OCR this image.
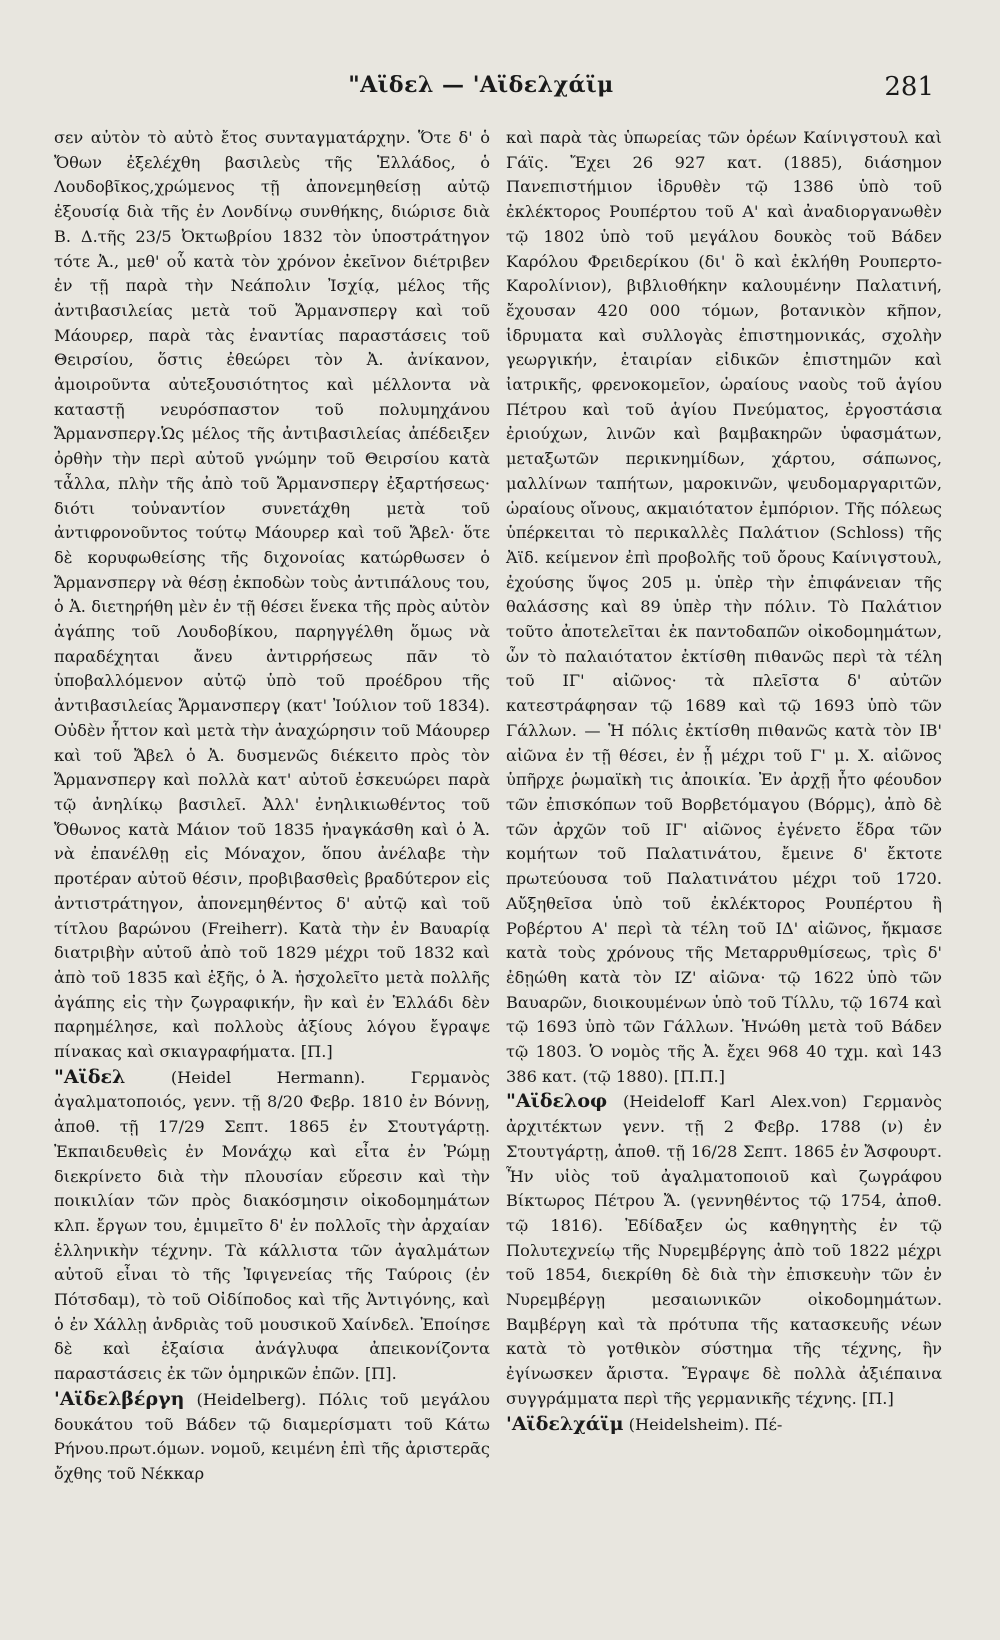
"Αϊδελ — 'Αϊδελχάϊμ	281

σεν αὐτὸν τὸ αὐτὸ ἔτος συνταγματάρχην. Ὅτε δ' ὁ Ὄθων ἐξελέχθη βασιλεὺς τῆς Ἑλλάδος, ὁ Λουδοβῖκος,χρώμενος τῇ ἀπονεμηθείσῃ αὐτῷ ἐξουσίᾳ διὰ τῆς ἐν Λονδίνῳ συνθήκης, διώρισε διὰ Β. Δ.τῆς 23/5 Ὀκτωβρίου 1832 τὸν ὑποστράτηγον τότε Ἀ., μεθ' οὗ κατὰ τὸν χρόνον ἐκεῖνον διέτριβεν ἐν τῇ παρὰ τὴν Νεάπολιν Ἰσχίᾳ, μέλος τῆς ἀντιβασιλείας μετὰ τοῦ Ἄρμανσπεργ καὶ τοῦ Μάουρερ, παρὰ τὰς ἐναντίας παραστάσεις τοῦ Θειρσίου, ὅστις ἐθεώρει τὸν Ἀ. ἀνίκανον, ἀμοιροῦντα αὐτεξουσιότητος καὶ μέλλοντα νὰ καταστῇ νευρόσπαστον τοῦ πολυμηχάνου Ἄρμανσπεργ.Ὡς μέλος τῆς ἀντιβασιλείας ἀπέδειξεν ὀρθὴν τὴν περὶ αὐτοῦ γνώμην τοῦ Θειρσίου κατὰ τἆλλα, πλὴν τῆς ἀπὸ τοῦ Ἄρμανσπεργ ἐξαρτήσεως· διότι τοὐναντίον συνετάχθη μετὰ τοῦ ἀντιφρονοῦντος τούτῳ Μάουρερ καὶ τοῦ Ἄβελ· ὅτε δὲ κορυφωθείσης τῆς διχονοίας κατώρθωσεν ὁ Ἄρμανσπεργ νὰ θέσῃ ἐκποδὼν τοὺς ἀντιπάλους του, ὁ Ἀ. διετηρήθη μὲν ἐν τῇ θέσει ἕνεκα τῆς πρὸς αὐτὸν ἀγάπης τοῦ Λουδοβίκου, παρηγγέλθη ὅμως νὰ παραδέχηται ἄνευ ἀντιρρήσεως πᾶν τὸ ὑποβαλλόμενον αὐτῷ ὑπὸ τοῦ προέδρου τῆς ἀντιβασιλείας Ἄρμανσπεργ (κατ' Ἰούλιον τοῦ 1834). Οὐδὲν ἧττον καὶ μετὰ τὴν ἀναχώρησιν τοῦ Μάουρερ καὶ τοῦ Ἄβελ ὁ Ἀ. δυσμενῶς διέκειτο πρὸς τὸν Ἄρμανσπεργ καὶ πολλὰ κατ' αὐτοῦ ἐσκευώρει παρὰ τῷ ἀνηλίκῳ βασιλεῖ. Ἀλλ' ἐνηλικιωθέντος τοῦ Ὄθωνος κατὰ Μάιον τοῦ 1835 ἠναγκάσθη καὶ ὁ Ἀ. νὰ ἐπανέλθῃ εἰς Μόναχον, ὅπου ἀνέλαβε τὴν προτέραν αὐτοῦ θέσιν, προβιβασθεὶς βραδύτερον εἰς ἀντιστράτηγον, ἀπονεμηθέντος δ' αὐτῷ καὶ τοῦ τίτλου βαρώνου (Freiherr). Κατὰ τὴν ἐν Βαυαρίᾳ διατριβὴν αὐτοῦ ἀπὸ τοῦ 1829 μέχρι τοῦ 1832 καὶ ἀπὸ τοῦ 1835 καὶ ἑξῆς, ὁ Ἀ. ἠσχολεῖτο μετὰ πολλῆς ἀγάπης εἰς τὴν ζωγραφικήν, ἣν καὶ ἐν Ἑλλάδι δὲν παρημέλησε, καὶ πολλοὺς ἀξίους λόγου ἔγραψε πίνακας καὶ σκιαγραφήματα. [Π.]

"Αϊδελ (Heidel Hermann). Γερμανὸς ἀγαλματοποιός, γενν. τῇ 8/20 Φεβρ. 1810 ἐν Βόννῃ, ἀποθ. τῇ 17/29 Σεπτ. 1865 ἐν Στουτγάρτῃ. Ἐκπαιδευθεὶς ἐν Μονάχῳ καὶ εἶτα ἐν Ῥώμῃ διεκρίνετο διὰ τὴν πλουσίαν εὕρεσιν καὶ τὴν ποικιλίαν τῶν πρὸς διακόσμησιν οἰκοδομημάτων κλπ. ἔργων του, ἐμιμεῖτο δ' ἐν πολλοῖς τὴν ἀρχαίαν ἑλληνικὴν τέχνην. Τὰ κάλλιστα τῶν ἀγαλμάτων αὐτοῦ εἶναι τὸ τῆς Ἰφιγενείας τῆς Ταύροις (ἐν Πότσδαμ), τὸ τοῦ Οἰδίποδος καὶ τῆς Ἀντιγόνης, καὶ ὁ ἐν Χάλλῃ ἀνδριὰς τοῦ μουσικοῦ Χαίνδελ. Ἐποίησε δὲ καὶ ἐξαίσια ἀνάγλυφα ἀπεικονίζοντα παραστάσεις ἐκ τῶν ὁμηρικῶν ἐπῶν. [Π].

'Αϊδελβέργη (Heidelberg). Πόλις τοῦ μεγάλου δουκάτου τοῦ Βάδεν τῷ διαμερίσματι τοῦ Κάτω Ρήνου.πρωτ.όμων. νομοῦ, κειμένη ἐπὶ τῆς ἀριστερᾶς ὄχθης τοῦ Νέκκαρ

καὶ παρὰ τὰς ὑπωρείας τῶν ὀρέων Καίνιγστουλ καὶ Γάϊς. Ἔχει 26 927 κατ. (1885), διάσημον Πανεπιστήμιον ἱδρυθὲν τῷ 1386 ὑπὸ τοῦ ἐκλέκτορος Ρουπέρτου τοῦ Α' καὶ ἀναδιοργανωθὲν τῷ 1802 ὑπὸ τοῦ μεγάλου δουκὸς τοῦ Βάδεν Καρόλου Φρειδερίκου (δι' ὃ καὶ ἐκλήθη Ρουπερτο-Καρολίνιον), βιβλιοθήκην καλουμένην Παλατινή, ἔχουσαν 420 000 τόμων, βοτανικὸν κῆπον, ἱδρυματα καὶ συλλογὰς ἐπιστημονικάς, σχολὴν γεωργικήν, ἑταιρίαν εἰδικῶν ἐπιστημῶν καὶ ἰατρικῆς, φρενοκομεῖον, ὡραίους ναοὺς τοῦ ἁγίου Πέτρου καὶ τοῦ ἁγίου Πνεύματος, ἐργοστάσια ἐριούχων, λινῶν καὶ βαμβακηρῶν ὑφασμάτων, μεταξωτῶν περικνημίδων, χάρτου, σάπωνος, μαλλίνων ταπήτων, μαροκινῶν, ψευδομαργαριτῶν, ὡραίους οἴνους, ακμαιότατον ἐμπόριον. Τῆς πόλεως ὑπέρκειται τὸ περικαλλὲς Παλάτιον (Schloss) τῆς Ἀϊδ. κείμενον ἐπὶ προβολῆς τοῦ ὄρους Καίνιγστουλ, ἐχούσης ὕψος 205 μ. ὑπὲρ τὴν ἐπιφάνειαν τῆς θαλάσσης καὶ 89 ὑπὲρ τὴν πόλιν. Τὸ Παλάτιον τοῦτο ἀποτελεῖται ἐκ παντοδαπῶν οἰκοδομημάτων, ὧν τὸ παλαιότατον ἐκτίσθη πιθανῶς περὶ τὰ τέλη τοῦ ΙΓ' αἰῶνος· τὰ πλεῖστα δ' αὐτῶν κατεστράφησαν τῷ 1689 καὶ τῷ 1693 ὑπὸ τῶν Γάλλων. — Ἡ πόλις ἐκτίσθη πιθανῶς κατὰ τὸν ΙΒ' αἰῶνα ἐν τῇ θέσει, ἐν ᾗ μέχρι τοῦ Γ' μ. Χ. αἰῶνος ὑπῆρχε ῥωμαϊκὴ τις ἀποικία. Ἐν ἀρχῇ ἦτο φέουδον τῶν ἐπισκόπων τοῦ Βορβετόμαγου (Βόρμς), ἀπὸ δὲ τῶν ἀρχῶν τοῦ ΙΓ' αἰῶνος ἐγένετο ἕδρα τῶν κομήτων τοῦ Παλατινάτου, ἔμεινε δ' ἔκτοτε πρωτεύουσα τοῦ Παλατινάτου μέχρι τοῦ 1720. Αὔξηθεῖσα ὑπὸ τοῦ ἐκλέκτορος Ρουπέρτου ἢ Ροβέρτου Α' περὶ τὰ τέλη τοῦ ΙΔ' αἰῶνος, ἤκμασε κατὰ τοὺς χρόνους τῆς Μεταρρυθμίσεως, τρὶς δ' ἐδῃώθη κατὰ τὸν ΙΖ' αἰῶνα· τῷ 1622 ὑπὸ τῶν Βαυαρῶν, διοικουμένων ὑπὸ τοῦ Τίλλυ, τῷ 1674 καὶ τῷ 1693 ὑπὸ τῶν Γάλλων. Ἡνώθη μετὰ τοῦ Βάδεν τῷ 1803. Ὁ νομὸς τῆς Ἀ. ἔχει 968 40 τχμ. καὶ 143 386 κατ. (τῷ 1880). [Π.Π.]

"Αϊδελοφ (Heideloff Karl Alex.von) Γερμανὸς ἀρχιτέκτων γενν. τῇ 2 Φεβρ. 1788 (ν) ἐν Στουτγάρτῃ, ἀποθ. τῇ 16/28 Σεπτ. 1865 ἐν Ἄσφουρτ. Ἦν υἱὸς τοῦ ἀγαλματοποιοῦ καὶ ζωγράφου Βίκτωρος Πέτρου Ἄ. (γεννηθέντος τῷ 1754, ἀποθ. τῷ 1816). Ἐδίδαξεν ὡς καθηγητὴς ἐν τῷ Πολυτεχνείῳ τῆς Νυρεμβέργης ἀπὸ τοῦ 1822 μέχρι τοῦ 1854, διεκρίθη δὲ διὰ τὴν ἐπισκευὴν τῶν ἐν Νυρεμβέργῃ μεσαιωνικῶν οἰκοδομημάτων. Βαμβέργη καὶ τὰ πρότυπα τῆς κατασκευῆς νέων κατὰ τὸ γοτθικὸν σύστημα τῆς τέχνης, ἣν ἐγίνωσκεν ἄριστα. Ἔγραψε δὲ πολλὰ ἀξιέπαινα συγγράμματα περὶ τῆς γερμανικῆς τέχνης. [Π.]

'Αϊδελχάϊμ (Heidelsheim). Πέ-
